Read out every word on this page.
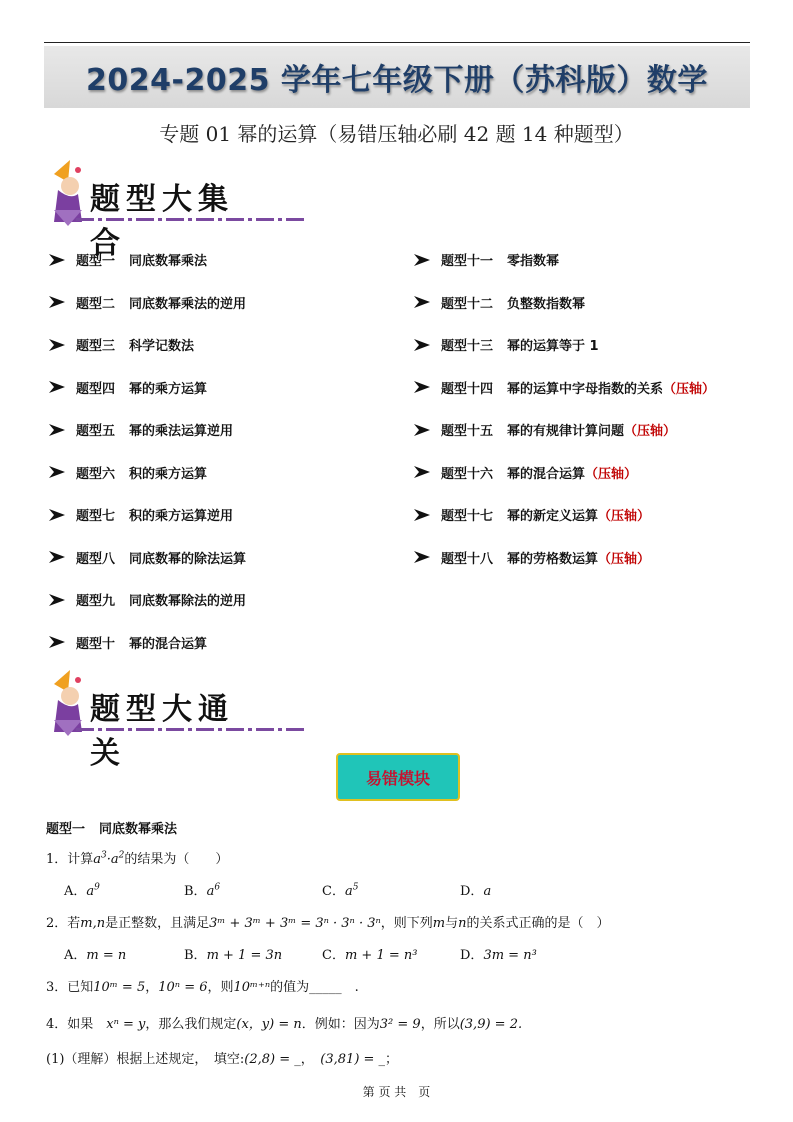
2024-2025 学年七年级下册（苏科版）数学
专题 01 幂的运算（易错压轴必刷 42 题 14 种题型）
题型大集合
题型一 同底数幂乘法
题型二 同底数幂乘法的逆用
题型三 科学记数法
题型四 幂的乘方运算
题型五 幂的乘法运算逆用
题型六 积的乘方运算
题型七 积的乘方运算逆用
题型八 同底数幂的除法运算
题型九 同底数幂除法的逆用
题型十 幂的混合运算
题型十一 零指数幂
题型十二 负整数指数幂
题型十三 幂的运算等于 1
题型十四 幂的运算中字母指数的关系 （压轴）
题型十五 幂的有规律计算问题 （压轴）
题型十六 幂的混合运算 （压轴）
题型十七 幂的新定义运算 （压轴）
题型十八 幂的劳格数运算 （压轴）
题型大通关
易错模块
题型一 同底数幂乘法
1．计算$a^3\cdot a^2$的结果为（　　）
A．$a^9$	B．$a^6$	C．$a^5$	D．a
2．若m,n是正整数，且满足3ᵐ + 3ᵐ + 3ᵐ = 3ⁿ · 3ⁿ · 3ⁿ，则下列m与n的关系式正确的是（　）
A．m = n	B．m + 1 = 3n	C．m + 1 = n³	D．3m = n³
3．已知10ᵐ = 5，10ⁿ = 6，则10ᵐ⁺ⁿ的值为_____　.
4．如果　xⁿ = y，那么我们规定(x，y) = n．例如：因为3² = 9，所以(3,9) = 2.
(1)（理解）根据上述规定，　填空:(2,8) = _，　(3,81) = _；
第 页 共　页
